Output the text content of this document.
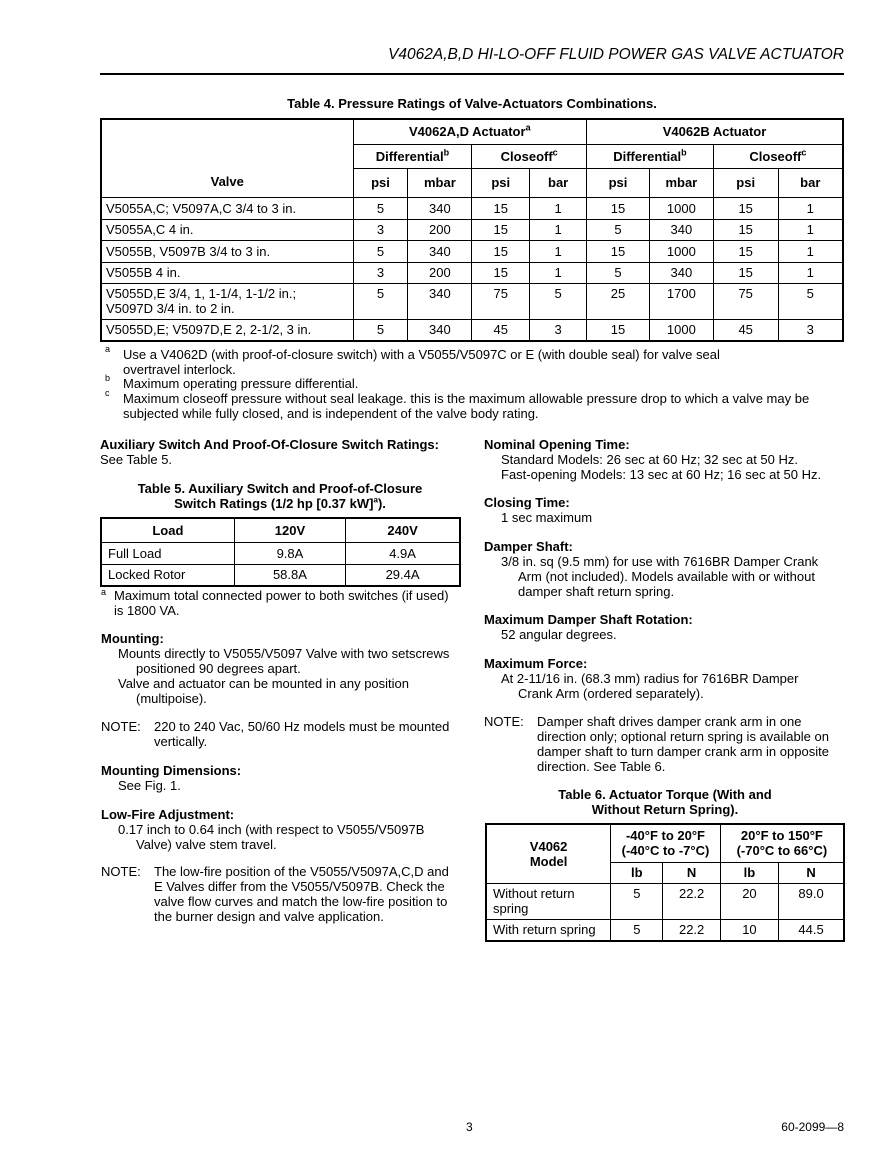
V4062A,B,D HI-LO-OFF FLUID POWER GAS VALVE ACTUATOR
Table 4. Pressure Ratings of Valve-Actuators Combinations.
Valve	V4062A,D Actuator$^a$				V4062B Actuator			
	Differential$^b$		Closeoff$^c$		Differential$^b$		Closeoff$^c$
	psi	mbar	psi	bar	psi	mbar	psi	bar
V5055A,C; V5097A,C 3/4 to 3 in.	5	340	15	1	15	1000	15	1
V5055A,C 4 in.	3	200	15	1	5	340	15	1
V5055B, V5097B 3/4 to 3 in.	5	340	15	1	15	1000	15	1
V5055B 4 in.	3	200	15	1	5	340	15	1
V5055D,E 3/4, 1, 1-1/4, 1-1/2 in.;
V5097D 3/4 in. to 2 in.	5	340	75	5	25	1700	75	5
V5055D,E; V5097D,E 2, 2-1/2, 3 in.	5	340	45	3	15	1000	45	3
a Use a V4062D (with proof-of-closure switch) with a V5055/V5097C or E (with double seal) for valve seal
overtravel interlock.
b Maximum operating pressure differential.
c Maximum closeoff pressure without seal leakage. this is the maximum allowable pressure drop to which a valve may be
subjected while fully closed, and is independent of the valve body rating.
Auxiliary Switch And Proof-Of-Closure Switch Ratings:
See Table 5.
Table 5. Auxiliary Switch and Proof-of-Closure
Switch Ratings (1/2 hp [0.37 kW]$^a$).
Load	120V	240V
Full Load	9.8A	4.9A
Locked Rotor	58.8A	29.4A
a Maximum total connected power to both switches (if used)
is 1800 VA.
Mounting:
Mounts directly to V5055/V5097 Valve with two setscrews
positioned 90 degrees apart.
Valve and actuator can be mounted in any position
(multipoise).
NOTE: 220 to 240 Vac, 50/60 Hz models must be mounted
vertically.
Mounting Dimensions:
See Fig. 1.
Low-Fire Adjustment:
0.17 inch to 0.64 inch (with respect to V5055/V5097B
Valve) valve stem travel.
NOTE: The low-fire position of the V5055/V5097A,C,D and
E Valves differ from the V5055/V5097B. Check the
valve flow curves and match the low-fire position to
the burner design and valve application.
Nominal Opening Time:
Standard Models: 26 sec at 60 Hz; 32 sec at 50 Hz.
Fast-opening Models: 13 sec at 60 Hz; 16 sec at 50 Hz.
Closing Time:
1 sec maximum
Damper Shaft:
3/8 in. sq (9.5 mm) for use with 7616BR Damper Crank
Arm (not included). Models available with or without
damper shaft return spring.
Maximum Damper Shaft Rotation:
52 angular degrees.
Maximum Force:
At 2-11/16 in. (68.3 mm) radius for 7616BR Damper
Crank Arm (ordered separately).
NOTE: Damper shaft drives damper crank arm in one
direction only; optional return spring is available on
damper shaft to turn damper crank arm in opposite
direction. See Table 6.
Table 6. Actuator Torque (With and
Without Return Spring).
V4062
Model	-40°F to 20°F
(-40°C to -7°C)		20°F to 150°F
(-70°C to 66°C)	
	lb	N	lb	N
Without return
spring	5	22.2	20	89.0
With return spring	5	22.2	10	44.5
3	60-2099—8
